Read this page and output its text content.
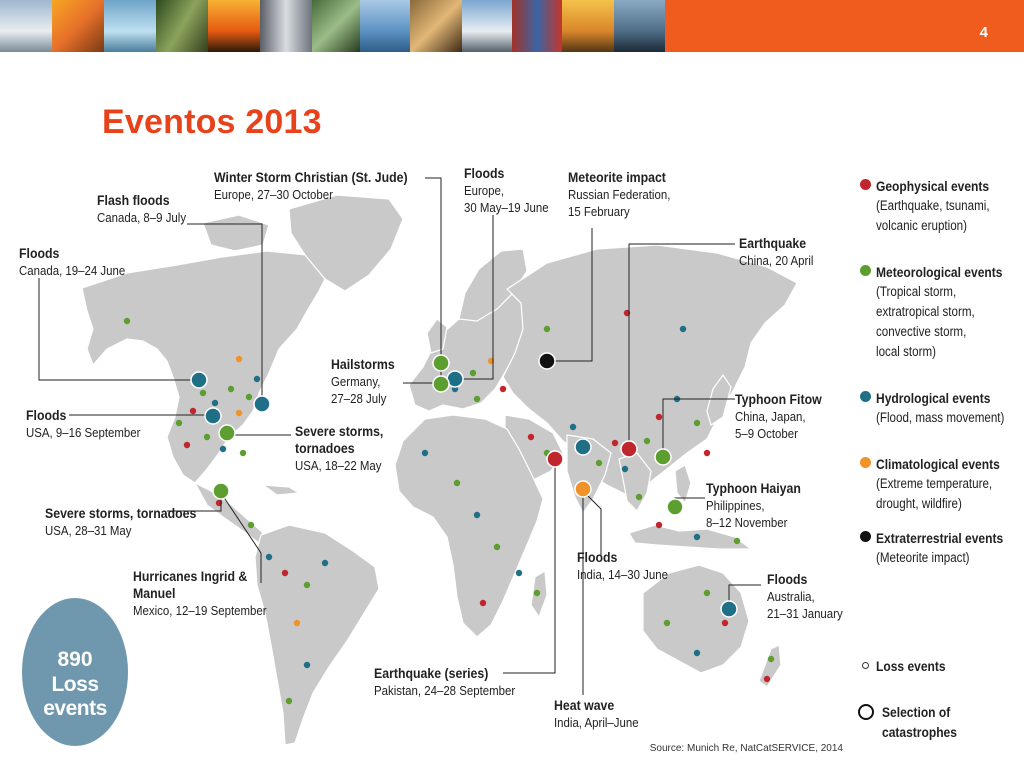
4
Eventos 2013
Floods
Canada, 19–24 June
Flash floods
Canada, 8–9 July
Winter Storm Christian (St. Jude)
Europe, 27–30 October
Floods
Europe,
30 May–19 June
Meteorite impact
Russian Federation,
15 February
Earthquake
China, 20 April
Hailstorms
Germany,
27–28 July	Typhoon Fitow
China, Japan,
5–9 October
Floods
USA, 9–16 September	Severe storms,
tornadoes
USA, 18–22 May
Typhoon Haiyan
Philippines,
8–12 November
Severe storms, tornadoes
USA, 28–31 May
Floods
India, 14–30 June
Hurricanes Ingrid &
Manuel
Mexico, 12–19 September
Floods
Australia,
21–31 January
Earthquake (series)
Pakistan, 24–28 September
Heat wave
India, April–June
890
Loss events
Source: Munich Re, NatCatSERVICE, 2014
Geophysical events
(Earthquake, tsunami,
volcanic eruption)
Meteorological events
(Tropical storm,
extratropical storm,
convective storm,
local storm)
Hydrological events
(Flood, mass movement)
Climatological events
(Extreme temperature,
drought, wildfire)
Extraterrestrial events
(Meteorite impact)
Loss events
Selection of
catastrophes
